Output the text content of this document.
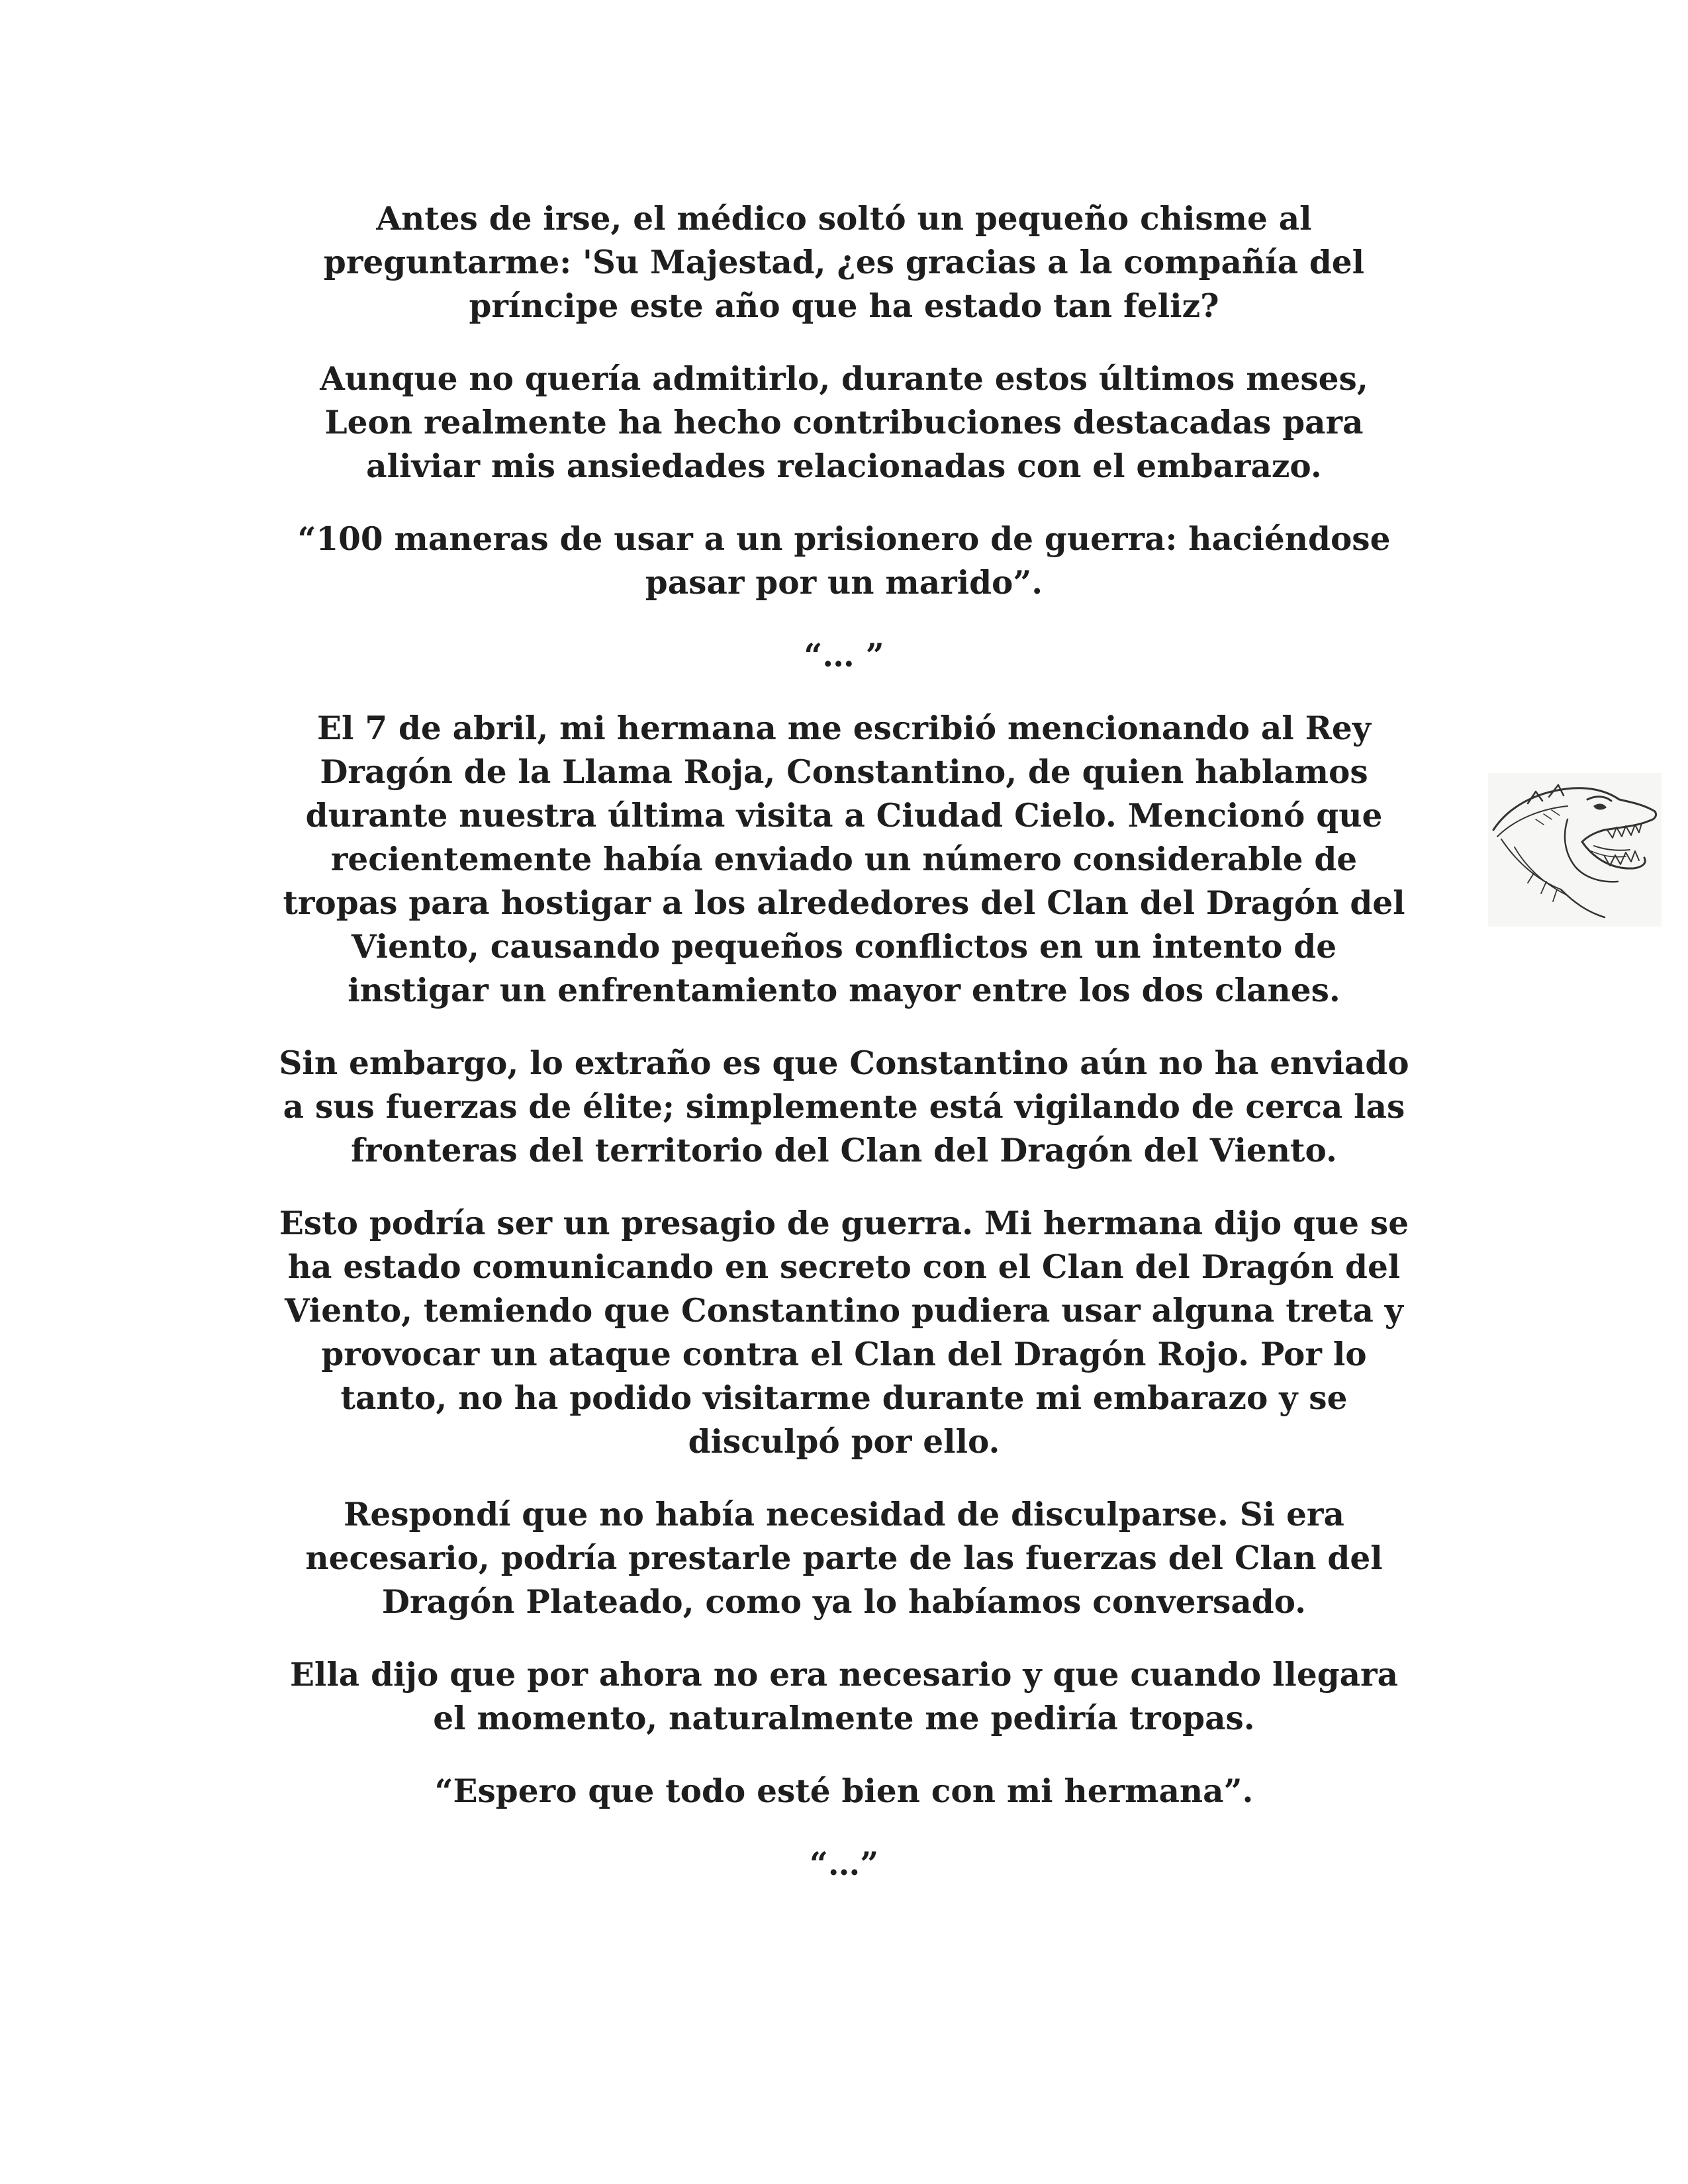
Antes de irse, el médico soltó un pequeño chisme al
preguntarme: 'Su Majestad, ¿es gracias a la compañía del
príncipe este año que ha estado tan feliz?

Aunque no quería admitirlo, durante estos últimos meses,
Leon realmente ha hecho contribuciones destacadas para
aliviar mis ansiedades relacionadas con el embarazo.

“100 maneras de usar a un prisionero de guerra: haciéndose
pasar por un marido”.

“… ”

El 7 de abril, mi hermana me escribió mencionando al Rey
Dragón de la Llama Roja, Constantino, de quien hablamos
durante nuestra última visita a Ciudad Cielo. Mencionó que
recientemente había enviado un número considerable de
tropas para hostigar a los alrededores del Clan del Dragón del
Viento, causando pequeños conflictos en un intento de
instigar un enfrentamiento mayor entre los dos clanes.

Sin embargo, lo extraño es que Constantino aún no ha enviado
a sus fuerzas de élite; simplemente está vigilando de cerca las
fronteras del territorio del Clan del Dragón del Viento.

Esto podría ser un presagio de guerra. Mi hermana dijo que se
ha estado comunicando en secreto con el Clan del Dragón del
Viento, temiendo que Constantino pudiera usar alguna treta y
provocar un ataque contra el Clan del Dragón Rojo. Por lo
tanto, no ha podido visitarme durante mi embarazo y se
disculpó por ello.

Respondí que no había necesidad de disculparse. Si era
necesario, podría prestarle parte de las fuerzas del Clan del
Dragón Plateado, como ya lo habíamos conversado.

Ella dijo que por ahora no era necesario y que cuando llegara
el momento, naturalmente me pediría tropas.

“Espero que todo esté bien con mi hermana”.

“…”
